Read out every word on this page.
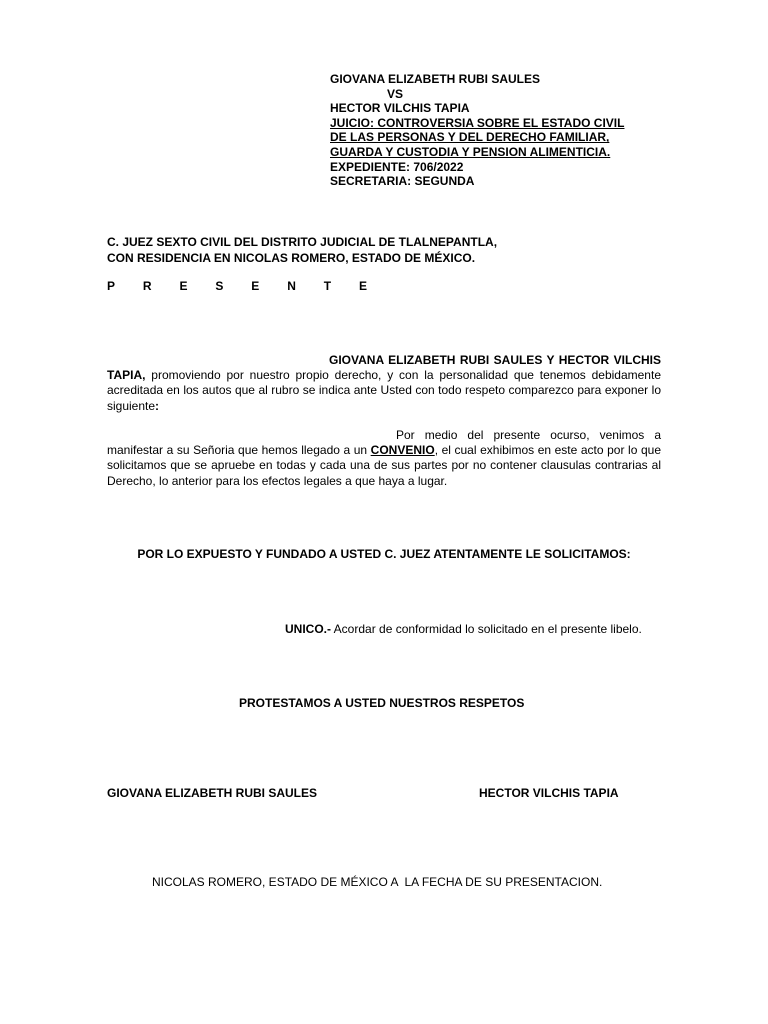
GIOVANA ELIZABETH RUBI SAULES
VS
HECTOR VILCHIS TAPIA
JUICIO: CONTROVERSIA SOBRE EL ESTADO CIVIL
DE LAS PERSONAS Y DEL DERECHO FAMILIAR,
GUARDA Y CUSTODIA Y PENSION ALIMENTICIA.
EXPEDIENTE: 706/2022
SECRETARIA: SEGUNDA
C. JUEZ SEXTO CIVIL DEL DISTRITO JUDICIAL DE TLALNEPANTLA,
CON RESIDENCIA EN NICOLAS ROMERO, ESTADO DE MÉXICO.
P R E S E N T E
GIOVANA ELIZABETH RUBI SAULES Y HECTOR VILCHIS TAPIA, promoviendo por nuestro propio derecho, y con la personalidad que tenemos debidamente acreditada en los autos que al rubro se indica ante Usted con todo respeto comparezco para exponer lo siguiente:
Por medio del presente ocurso, venimos a manifestar a su Señoria que hemos llegado a un CONVENIO, el cual exhibimos en este acto por lo que solicitamos que se apruebe en todas y cada una de sus partes por no contener clausulas contrarias al Derecho, lo anterior para los efectos legales a que haya a lugar.
POR LO EXPUESTO Y FUNDADO A USTED C. JUEZ ATENTAMENTE LE SOLICITAMOS:
UNICO.- Acordar de conformidad lo solicitado en el presente libelo.
PROTESTAMOS A USTED NUESTROS RESPETOS
GIOVANA ELIZABETH RUBI SAULES	HECTOR VILCHIS TAPIA
NICOLAS ROMERO, ESTADO DE MÉXICO A  LA FECHA DE SU PRESENTACION.
